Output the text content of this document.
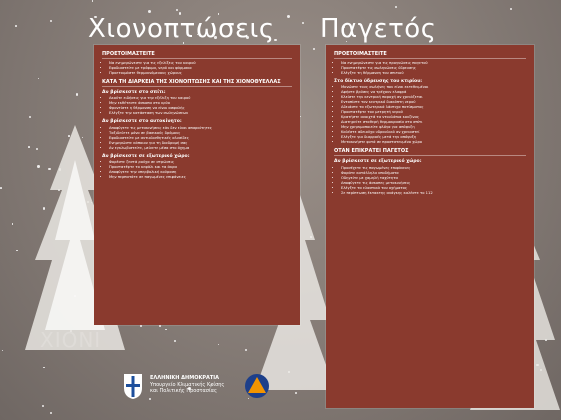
ΧΙΟΝΙ
Χιονοπτώσεις Παγετός
ΠΡΟΕΤΟΙΜΑΣΤΕΙΤΕ
• Να ενημερώνεστε για τις εξελίξεις του καιρού
• Εφοδιαστείτε με τρόφιμα, νερό και φάρμακα
• Προετοιμάστε θερμαινόμενους χώρους
ΚΑΤΑ ΤΗ ΔΙΑΡΚΕΙΑ ΤΗΣ ΧΙΟΝΟΠΤΩΣΗΣ ΚΑΙ ΤΗΣ ΧΙΟΝΟΘΥΕΛΛΑΣ
Αν βρίσκεστε στο σπίτι:
• Ακούτε ειδήσεις για την εξέλιξη του καιρού
• Μην εκθέτεστε άσκοπα στο κρύο
• Φροντίστε η θέρμανση να είναι ασφαλής
• Ελέγξτε την κατάσταση των σωληνώσεων
Αν βρίσκεστε στο αυτοκίνητο:
• Αποφύγετε τις μετακινήσεις εάν δεν είναι απαραίτητες
• Ταξιδεύετε μόνο σε βασικούς δρόμους
• Εφοδιαστείτε με αντιολισθητικές αλυσίδες
• Ενημερώστε κάποιον για τη διαδρομή σας
• Αν εγκλωβιστείτε, μείνετε μέσα στο όχημα
Αν βρίσκεστε σε εξωτερικό χώρο:
• Φορέστε ζεστά ρούχα σε στρώσεις
• Προστατέψτε το κεφάλι και τα άκρα
• Αποφύγετε την υπερβολική κούραση
• Μην περπατάτε σε παγωμένες επιφάνειες
ΠΡΟΕΤΟΙΜΑΣΤΕΙΤΕ
• Να ενημερώνεστε για τις προγνώσεις παγετού
• Προστατέψτε τις σωληνώσεις ύδρευσης
• Ελέγξτε τη θέρμανση του σπιτιού
Στο δίκτυο ύδρευσης του κτιρίου:
• Μονώστε τους σωλήνες που είναι εκτεθειμένοι
• Αφήστε βρύσες να τρέχουν ελαφρά
• Κλείστε την κεντρική παροχή αν χρειάζεται
• Εντοπίστε τον κεντρικό διακόπτη νερού
• Αδειάστε τα εξωτερικά λάστιχα ποτίσματος
• Προστατέψτε τον μετρητή νερού
• Κρατήστε ανοιχτά τα ντουλάπια κουζίνας
• Διατηρείτε σταθερή θερμοκρασία στο σπίτι
• Μην χρησιμοποιείτε φλόγα για απόψυξη
• Καλέστε αδειούχο υδραυλικό αν χρειαστεί
• Ελέγξτε για διαρροές μετά την απόψυξη
• Μετακινήστε φυτά σε προστατευμένο χώρο
ΟΤΑΝ ΕΠΙΚΡΑΤΕΙ ΠΑΓΕΤΟΣ
Αν βρίσκεστε σε εξωτερικό χώρο:
• Προσέχετε τις παγωμένες επιφάνειες
• Φοράτε κατάλληλα υποδήματα
• Οδηγείτε με χαμηλή ταχύτητα
• Αποφύγετε τις άσκοπες μετακινήσεις
• Ελέγξτε τα ελαστικά του οχήματος
• Σε περίπτωση έκτακτης ανάγκης καλέστε το 112
ΕΛΛΗΝΙΚΗ ΔΗΜΟΚΡΑΤΙΑ
Υπουργείο Κλιματικής Κρίσης
και Πολιτικής Προστασίας
